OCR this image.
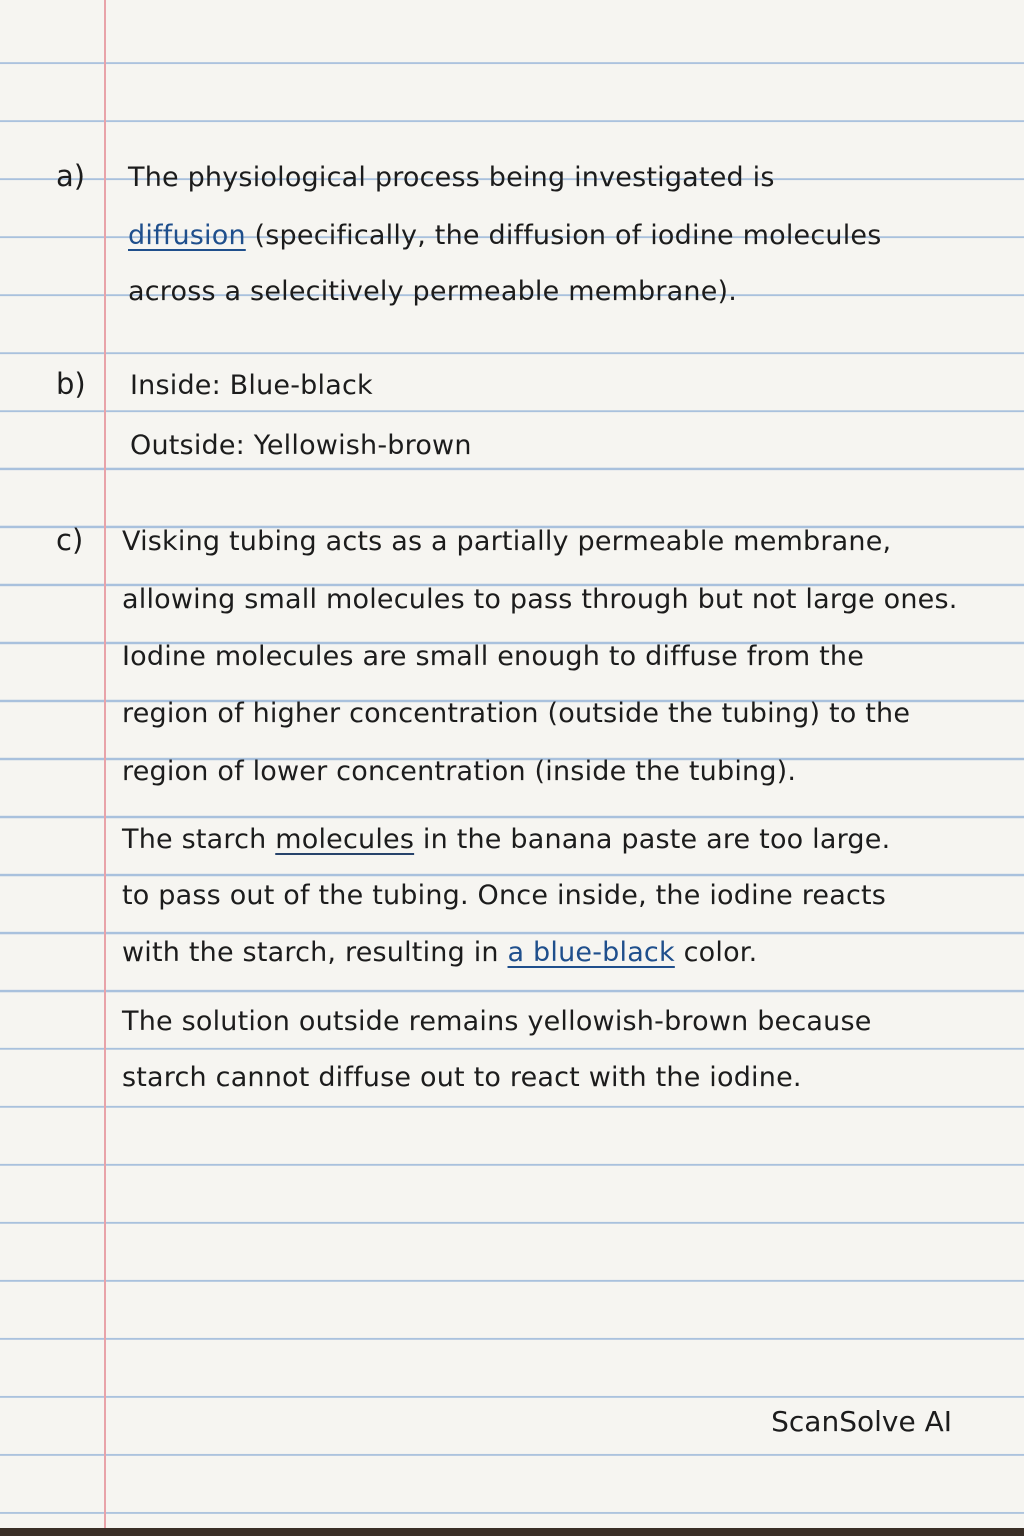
a) The physiological process being investigated is
diffusion (specifically, the diffusion of iodine molecules
across a selecitively permeable membrane).
b) Inside: Blue-black
Outside: Yellowish-brown
c) Visking tubing acts as a partially permeable membrane,
allowing small molecules to pass through but not large ones.
Iodine molecules are small enough to diffuse from the
region of higher concentration (outside the tubing) to the
region of lower concentration (inside the tubing).
The starch molecules in the banana paste are too large.
to pass out of the tubing. Once inside, the iodine reacts
with the starch, resulting in a blue-black color.
The solution outside remains yellowish-brown because
starch cannot diffuse out to react with the iodine.
ScanSolve AI
